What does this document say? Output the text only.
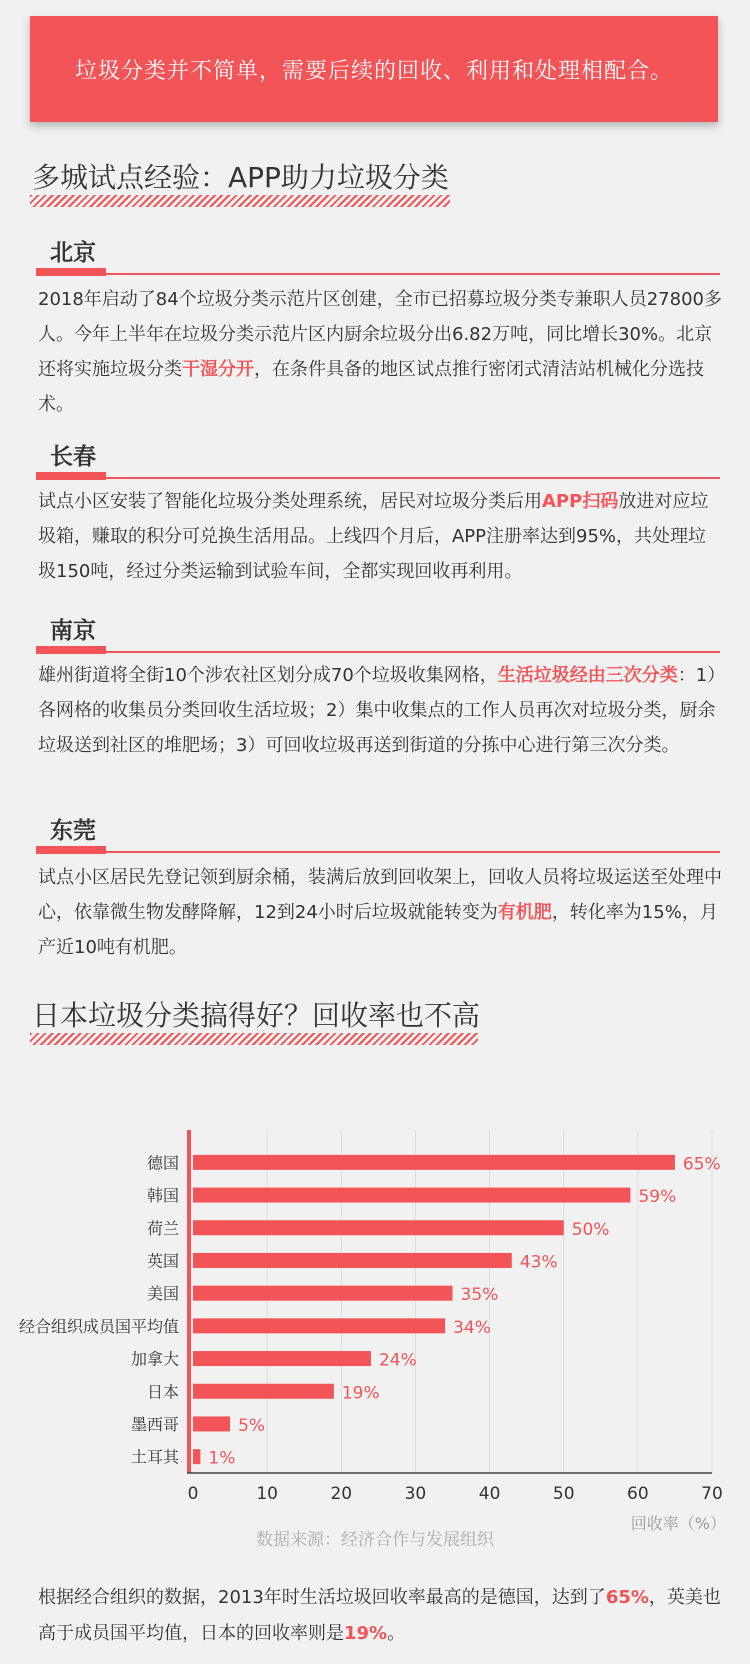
垃圾分类并不简单，需要后续的回收、利用和处理相配合。
多城试点经验：APP助力垃圾分类
北京
2018年启动了84个垃圾分类示范片区创建，全市已招募垃圾分类专兼职人员27800多人。今年上半年在垃圾分类示范片区内厨余垃圾分出6.82万吨，同比增长30%。北京还将实施垃圾分类干湿分开，在条件具备的地区试点推行密闭式清洁站机械化分选技术。
长春
试点小区安装了智能化垃圾分类处理系统，居民对垃圾分类后用APP扫码放进对应垃圾箱，赚取的积分可兑换生活用品。上线四个月后，APP注册率达到95%，共处理垃圾150吨，经过分类运输到试验车间，全都实现回收再利用。
南京
雄州街道将全街10个涉农社区划分成70个垃圾收集网格，生活垃圾经由三次分类：1）各网格的收集员分类回收生活垃圾；2）集中收集点的工作人员再次对垃圾分类，厨余垃圾送到社区的堆肥场；3）可回收垃圾再送到街道的分拣中心进行第三次分类。
东莞
试点小区居民先登记领到厨余桶，装满后放到回收架上，回收人员将垃圾运送至处理中心，依靠微生物发酵降解，12到24小时后垃圾就能转变为有机肥，转化率为15%，月产近10吨有机肥。
日本垃圾分类搞得好？回收率也不高
德国	65%
韩国	59%
荷兰	50%
英国	43%
美国	35%
经合组织成员国平均值	34%
加拿大	24%
日本	19%
墨西哥	5%
土耳其 1%
0	10	20	30	40	50	60	70
回收率（%）
数据来源：经济合作与发展组织
根据经合组织的数据，2013年时生活垃圾回收率最高的是德国，达到了65%，英美也高于成员国平均值，日本的回收率则是19%。
